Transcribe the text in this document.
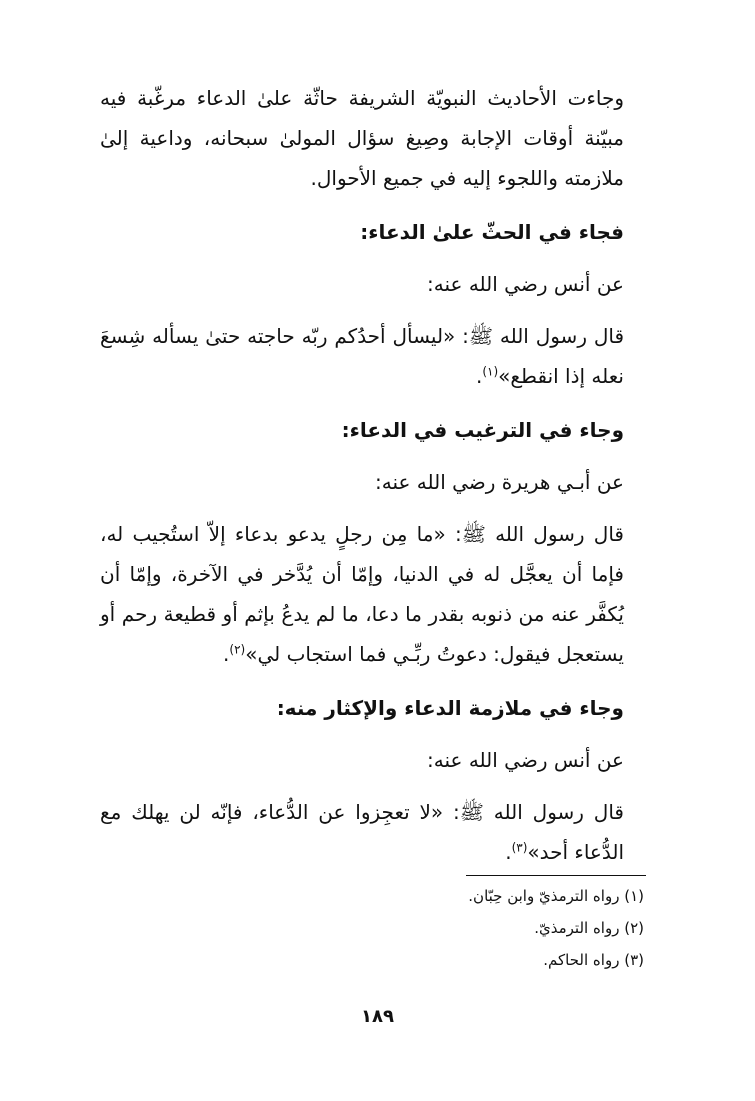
وجاءت الأحاديث النبويّة الشريفة حاثّة علىٰ الدعاء مرغّبة فيه مبيّنة أوقات الإجابة وصِيغ سؤال المولىٰ سبحانه، وداعية إلىٰ ملازمته واللجوء إليه في جميع الأحوال.

فجاء في الحثّ علىٰ الدعاء:
عن أنس رضي الله عنه:

قال رسول الله ﷺ: «ليسأل أحدُكم ربّه حاجته حتىٰ يسأله شِسعَ نعله إذا انقطع»$^{(١)}$.

وجاء في الترغيب في الدعاء:
عن أبـي هريرة رضي الله عنه:

قال رسول الله ﷺ: «ما مِن رجلٍ يدعو بدعاء إلاّ استُجيب له، فإما أن يعجَّل له في الدنيا، وإمّا أن يُدَّخر في الآخرة، وإمّا أن يُكفَّر عنه من ذنوبه بقدر ما دعا، ما لم يدعُ بإثم أو قطيعة رحم أو يستعجل فيقول: دعوتُ ربِّـي فما استجاب لي»$^{(٢)}$.

وجاء في ملازمة الدعاء والإكثار منه:
عن أنس رضي الله عنه:

قال رسول الله ﷺ: «لا تعجِزوا عن الدُّعاء، فإنّه لن يهلك مع الدُّعاء أحد»$^{(٣)}$.

(١) رواه الترمذيّ وابن حِبّان.
(٢) رواه الترمذيّ.
(٣) رواه الحاكم.
١٨٩
